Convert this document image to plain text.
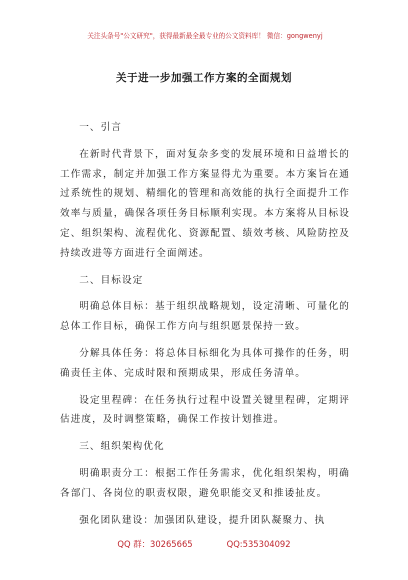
关注头条号"公文研究"，获得最新最全最专业的公文资料库！ 微信：gongwenyj
关于进一步加强工作方案的全面规划

一、引言

在新时代背景下，面对复杂多变的发展环境和日益增长的工作需求，制定并加强工作方案显得尤为重要。本方案旨在通过系统性的规划、精细化的管理和高效能的执行全面提升工作效率与质量，确保各项任务目标顺利实现。本方案将从目标设定、组织架构、流程优化、资源配置、绩效考核、风险防控及持续改进等方面进行全面阐述。

二、目标设定

明确总体目标：基于组织战略规划，设定清晰、可量化的总体工作目标，确保工作方向与组织愿景保持一致。

分解具体任务：将总体目标细化为具体可操作的任务，明确责任主体、完成时限和预期成果，形成任务清单。

设定里程碑：在任务执行过程中设置关键里程碑，定期评估进度，及时调整策略，确保工作按计划推进。

三、组织架构优化

明确职责分工：根据工作任务需求，优化组织架构，明确各部门、各岗位的职责权限，避免职能交叉和推诿扯皮。

强化团队建设：加强团队建设，提升团队凝聚力、执

QQ 群：30265665	QQ:535304092
